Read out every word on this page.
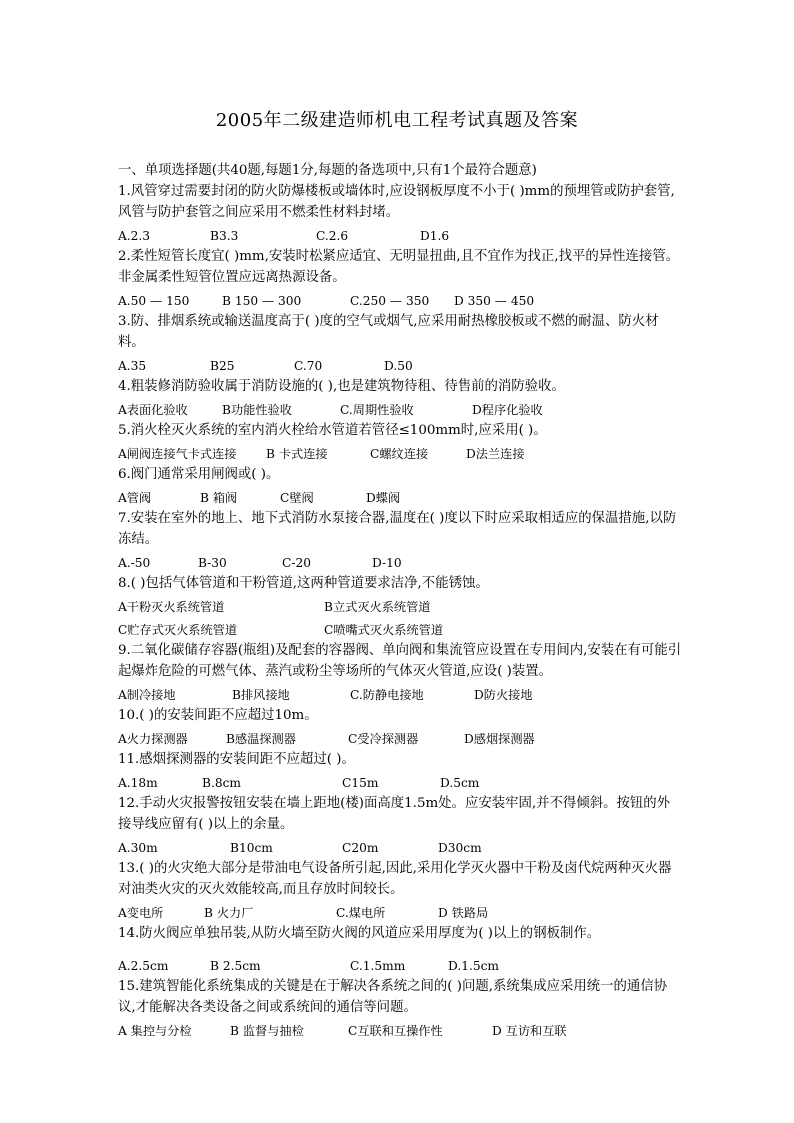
2005年二级建造师机电工程考试真题及答案

一、单项选择题(共40题,每题1分,每题的备选项中,只有1个最符合题意)

1.风管穿过需要封闭的防火防爆楼板或墙体时,应设钢板厚度不小于( )mm的预埋管或防护套管,风管与防护套管之间应采用不燃柔性材料封堵。

A.2.3	B3.3	C.2.6	D1.6

2.柔性短管长度宜( )mm,安装时松紧应适宜、无明显扭曲,且不宜作为找正,找平的异性连接管。非金属柔性短管位置应远离热源设备。

A.50 — 150	B 150 — 300	C.250 — 350 D 350 — 450

3.防、排烟系统或输送温度高于( )度的空气或烟气,应采用耐热橡胶板或不燃的耐温、防火材料。

A.35	B25	C.70	D.50

4.粗装修消防验收属于消防设施的( ),也是建筑物待租、待售前的消防验收。

A表面化验收	B功能性验收	C.周期性验收	D程序化验收

5.消火栓灭火系统的室内消火栓给水管道若管径≤100mm时,应采用( )。

A闸阀连接气卡式连接 B 卡式连接	C螺纹连接	D法兰连接

6.阀门通常采用闸阀或( )。

A管阀	B 箱阀	C壁阀	D蝶阀

7.安装在室外的地上、地下式消防水泵接合器,温度在( )度以下时应采取相适应的保温措施,以防冻结。

A.-50	B-30	C-20	D-10

8.( )包括气体管道和干粉管道,这两种管道要求洁净,不能锈蚀。

A干粉灭火系统管道	B立式灭火系统管道
C贮存式灭火系统管道	C喷嘴式灭火系统管道

9.二氧化碳储存容器(瓶组)及配套的容器阀、单向阀和集流管应设置在专用间内,安装在有可能引起爆炸危险的可燃气体、蒸汽或粉尘等场所的气体灭火管道,应设( )装置。

A制冷接地	B排风接地	C.防静电接地	D防火接地

10.( )的安装间距不应超过10m。

A火力探测器	B感温探测器	C受冷探测器	D感烟探测器

11.感烟探测器的安装间距不应超过( )。

A.18m	B.8cm	C15m	D.5cm

12.手动火灾报警按钮安装在墙上距地(楼)面高度1.5m处。应安装牢固,并不得倾斜。按钮的外接导线应留有( )以上的余量。

A.30m	B10cm	C20m	D30cm

13.( )的火灾绝大部分是带油电气设备所引起,因此,采用化学灭火器中干粉及卤代烷两种灭火器对油类火灾的灭火效能较高,而且存放时间较长。

A变电所	B 火力厂	C.煤电所	D 铁路局

14.防火阀应单独吊装,从防火墙至防火阀的风道应采用厚度为( )以上的钢板制作。

A.2.5cm	B 2.5cm	C.1.5mm	D.1.5cm

15.建筑智能化系统集成的关键是在于解决各系统之间的( )问题,系统集成应采用统一的通信协议,才能解决各类设备之间或系统间的通信等问题。

A 集控与分检	B 监督与抽检	C互联和互操作性	D 互访和互联
